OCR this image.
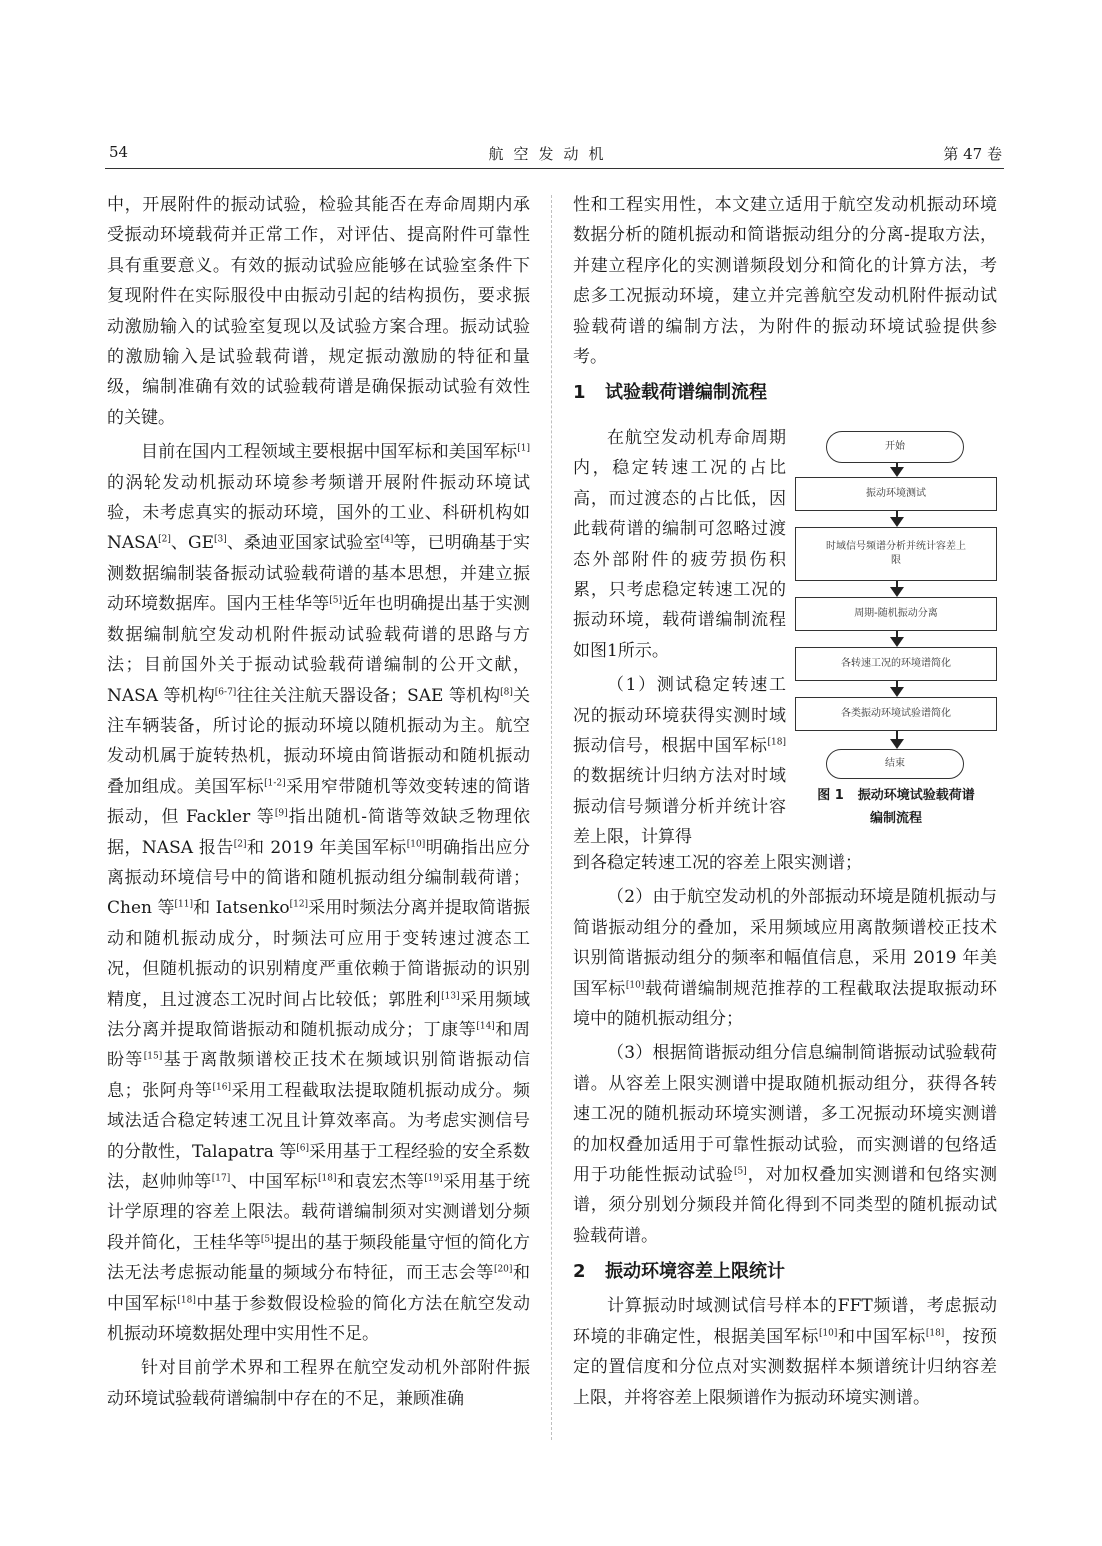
54	航空发动机	第 47 卷

中，开展附件的振动试验，检验其能否在寿命周期内承受振动环境载荷并正常工作，对评估、提高附件可靠性具有重要意义。有效的振动试验应能够在试验室条件下复现附件在实际服役中由振动引起的结构损伤，要求振动激励输入的试验室复现以及试验方案合理。振动试验的激励输入是试验载荷谱，规定振动激励的特征和量级，编制准确有效的试验载荷谱是确保振动试验有效性的关键。

目前在国内工程领域主要根据中国军标和美国军标[1]的涡轮发动机振动环境参考频谱开展附件振动环境试验，未考虑真实的振动环境，国外的工业、科研机构如NASA[2]、GE[3]、桑迪亚国家试验室[4]等，已明确基于实测数据编制装备振动试验载荷谱的基本思想，并建立振动环境数据库。国内王桂华等[5]近年也明确提出基于实测数据编制航空发动机附件振动试验载荷谱的思路与方法；目前国外关于振动试验载荷谱编制的公开文献，NASA 等机构[6-7]往往关注航天器设备；SAE 等机构[8]关注车辆装备，所讨论的振动环境以随机振动为主。航空发动机属于旋转热机，振动环境由简谐振动和随机振动叠加组成。美国军标[1-2]采用窄带随机等效变转速的简谐振动，但 Fackler 等[9]指出随机-简谐等效缺乏物理依据，NASA 报告[2]和 2019 年美国军标[10]明确指出应分离振动环境信号中的简谐和随机振动组分编制载荷谱；Chen 等[11]和 Iatsenko[12]采用时频法分离并提取简谐振动和随机振动成分，时频法可应用于变转速过渡态工况，但随机振动的识别精度严重依赖于简谐振动的识别精度，且过渡态工况时间占比较低；郭胜利[13]采用频域法分离并提取简谐振动和随机振动成分；丁康等[14]和周盼等[15]基于离散频谱校正技术在频域识别简谐振动信息；张阿舟等[16]采用工程截取法提取随机振动成分。频域法适合稳定转速工况且计算效率高。为考虑实测信号的分散性，Talapatra 等[6]采用基于工程经验的安全系数法，赵帅帅等[17]、中国军标[18]和袁宏杰等[19]采用基于统计学原理的容差上限法。载荷谱编制须对实测谱划分频段并简化，王桂华等[5]提出的基于频段能量守恒的简化方法无法考虑振动能量的频域分布特征，而王志会等[20]和中国军标[18]中基于参数假设检验的简化方法在航空发动机振动环境数据处理中实用性不足。

针对目前学术界和工程界在航空发动机外部附件振动环境试验载荷谱编制中存在的不足，兼顾准确

性和工程实用性，本文建立适用于航空发动机振动环境数据分析的随机振动和简谐振动组分的分离-提取方法，并建立程序化的实测谱频段划分和简化的计算方法，考虑多工况振动环境，建立并完善航空发动机附件振动试验载荷谱的编制方法，为附件的振动环境试验提供参考。

1 试验载荷谱编制流程

在航空发动机寿命周期内，稳定转速工况的占比高，而过渡态的占比低，因此载荷谱的编制可忽略过渡态外部附件的疲劳损伤积累，只考虑稳定转速工况的振动环境，载荷谱编制流程如图1所示。

（1）测试稳定转速工况的振动环境获得实测时域振动信号，根据中国军标[18]的数据统计归纳方法对时域振动信号频谱分析并统计容差上限，计算得

到各稳定转速工况的容差上限实测谱；

（2）由于航空发动机的外部振动环境是随机振动与简谐振动组分的叠加，采用频域应用离散频谱校正技术识别简谐振动组分的频率和幅值信息，采用 2019 年美国军标[10]载荷谱编制规范推荐的工程截取法提取振动环境中的随机振动组分；

（3）根据简谐振动组分信息编制简谐振动试验载荷谱。从容差上限实测谱中提取随机振动组分，获得各转速工况的随机振动环境实测谱，多工况振动环境实测谱的加权叠加适用于可靠性振动试验，而实测谱的包络适用于功能性振动试验[5]，对加权叠加实测谱和包络实测谱，须分别划分频段并简化得到不同类型的随机振动试验载荷谱。

2 振动环境容差上限统计

计算振动时域测试信号样本的FFT频谱，考虑振动环境的非确定性，根据美国军标[10]和中国军标[18]，按预定的置信度和分位点对实测数据样本频谱统计归纳容差上限，并将容差上限频谱作为振动环境实测谱。

开始
振动环境测试
时域信号频谱分析并统计容差上限
周期-随机振动分离
各转速工况的环境谱简化
各类振动环境试验谱简化
结束
图 1 振动环境试验载荷谱
编制流程
